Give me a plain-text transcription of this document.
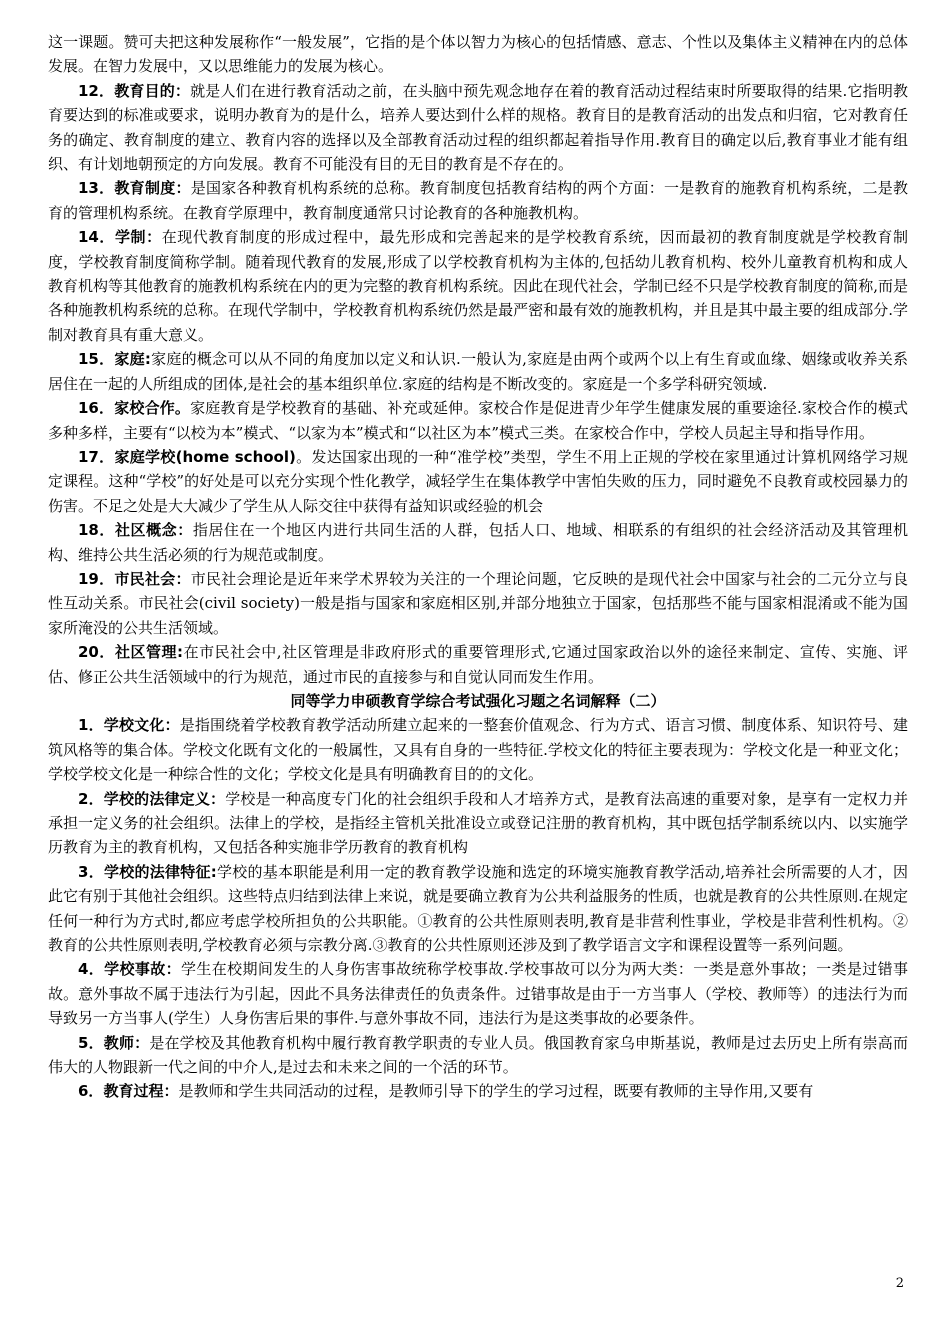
这一课题。赞可夫把这种发展称作“一般发展”，它指的是个体以智力为核心的包括情感、意志、个性以及集体主义精神在内的总体发展。在智力发展中，又以思维能力的发展为核心。

12．教育目的：就是人们在进行教育活动之前，在头脑中预先观念地存在着的教育活动过程结束时所要取得的结果.它指明教育要达到的标准或要求，说明办教育为的是什么，培养人要达到什么样的规格。教育目的是教育活动的出发点和归宿，它对教育任务的确定、教育制度的建立、教育内容的选择以及全部教育活动过程的组织都起着指导作用.教育目的确定以后,教育事业才能有组织、有计划地朝预定的方向发展。教育不可能没有目的无目的教育是不存在的。

13．教育制度：是国家各种教育机构系统的总称。教育制度包括教育结构的两个方面：一是教育的施教育机构系统，二是教育的管理机构系统。在教育学原理中，教育制度通常只讨论教育的各种施教机构。

14．学制：在现代教育制度的形成过程中，最先形成和完善起来的是学校教育系统，因而最初的教育制度就是学校教育制度，学校教育制度简称学制。随着现代教育的发展,形成了以学校教育机构为主体的,包括幼儿教育机构、校外儿童教育机构和成人教育机构等其他教育的施教机构系统在内的更为完整的教育机构系统。因此在现代社会，学制已经不只是学校教育制度的简称,而是各种施教机构系统的总称。在现代学制中，学校教育机构系统仍然是最严密和最有效的施教机构，并且是其中最主要的组成部分.学制对教育具有重大意义。

15．家庭:家庭的概念可以从不同的角度加以定义和认识.一般认为,家庭是由两个或两个以上有生育或血缘、姻缘或收养关系居住在一起的人所组成的团体,是社会的基本组织单位.家庭的结构是不断改变的。家庭是一个多学科研究领域.

16．家校合作。家庭教育是学校教育的基础、补充或延伸。家校合作是促进青少年学生健康发展的重要途径.家校合作的模式多种多样，主要有“以校为本”模式、“以家为本”模式和“以社区为本”模式三类。在家校合作中，学校人员起主导和指导作用。

17．家庭学校(home school)。发达国家出现的一种“准学校”类型，学生不用上正规的学校在家里通过计算机网络学习规定课程。这种“学校”的好处是可以充分实现个性化教学，减轻学生在集体教学中害怕失败的压力，同时避免不良教育或校园暴力的伤害。不足之处是大大减少了学生从人际交往中获得有益知识或经验的机会

18．社区概念：指居住在一个地区内进行共同生活的人群，包括人口、地域、相联系的有组织的社会经济活动及其管理机构、维持公共生活必须的行为规范或制度。

19．市民社会：市民社会理论是近年来学术界较为关注的一个理论问题，它反映的是现代社会中国家与社会的二元分立与良性互动关系。市民社会(civil society)一般是指与国家和家庭相区别,并部分地独立于国家，包括那些不能与国家相混淆或不能为国家所淹没的公共生活领域。

20．社区管理:在市民社会中,社区管理是非政府形式的重要管理形式,它通过国家政治以外的途径来制定、宣传、实施、评估、修正公共生活领域中的行为规范，通过市民的直接参与和自觉认同而发生作用。

同等学力申硕教育学综合考试强化习题之名词解释（二）

1．学校文化：是指围绕着学校教育教学活动所建立起来的一整套价值观念、行为方式、语言习惯、制度体系、知识符号、建筑风格等的集合体。学校文化既有文化的一般属性，又具有自身的一些特征.学校文化的特征主要表现为：学校文化是一种亚文化；学校学校文化是一种综合性的文化；学校文化是具有明确教育目的的文化。

2．学校的法律定义：学校是一种高度专门化的社会组织手段和人才培养方式，是教育法高速的重要对象，是享有一定权力并承担一定义务的社会组织。法律上的学校，是指经主管机关批准设立或登记注册的教育机构，其中既包括学制系统以内、以实施学历教育为主的教育机构，又包括各种实施非学历教育的教育机构

3．学校的法律特征:学校的基本职能是利用一定的教育教学设施和选定的环境实施教育教学活动,培养社会所需要的人才，因此它有别于其他社会组织。这些特点归结到法律上来说，就是要确立教育为公共利益服务的性质，也就是教育的公共性原则.在规定任何一种行为方式时,都应考虑学校所担负的公共职能。①教育的公共性原则表明,教育是非营利性事业，学校是非营利性机构。②教育的公共性原则表明,学校教育必须与宗教分离.③教育的公共性原则还涉及到了教学语言文字和课程设置等一系列问题。

4．学校事故：学生在校期间发生的人身伤害事故统称学校事故.学校事故可以分为两大类：一类是意外事故；一类是过错事故。意外事故不属于违法行为引起，因此不具务法律责任的负责条件。过错事故是由于一方当事人（学校、教师等）的违法行为而导致另一方当事人(学生）人身伤害后果的事件.与意外事故不同，违法行为是这类事故的必要条件。

5．教师：是在学校及其他教育机构中履行教育教学职责的专业人员。俄国教育家乌申斯基说，教师是过去历史上所有崇高而伟大的人物跟新一代之间的中介人,是过去和未来之间的一个活的环节。

6．教育过程：是教师和学生共同活动的过程，是教师引导下的学生的学习过程，既要有教师的主导作用,又要有

2
